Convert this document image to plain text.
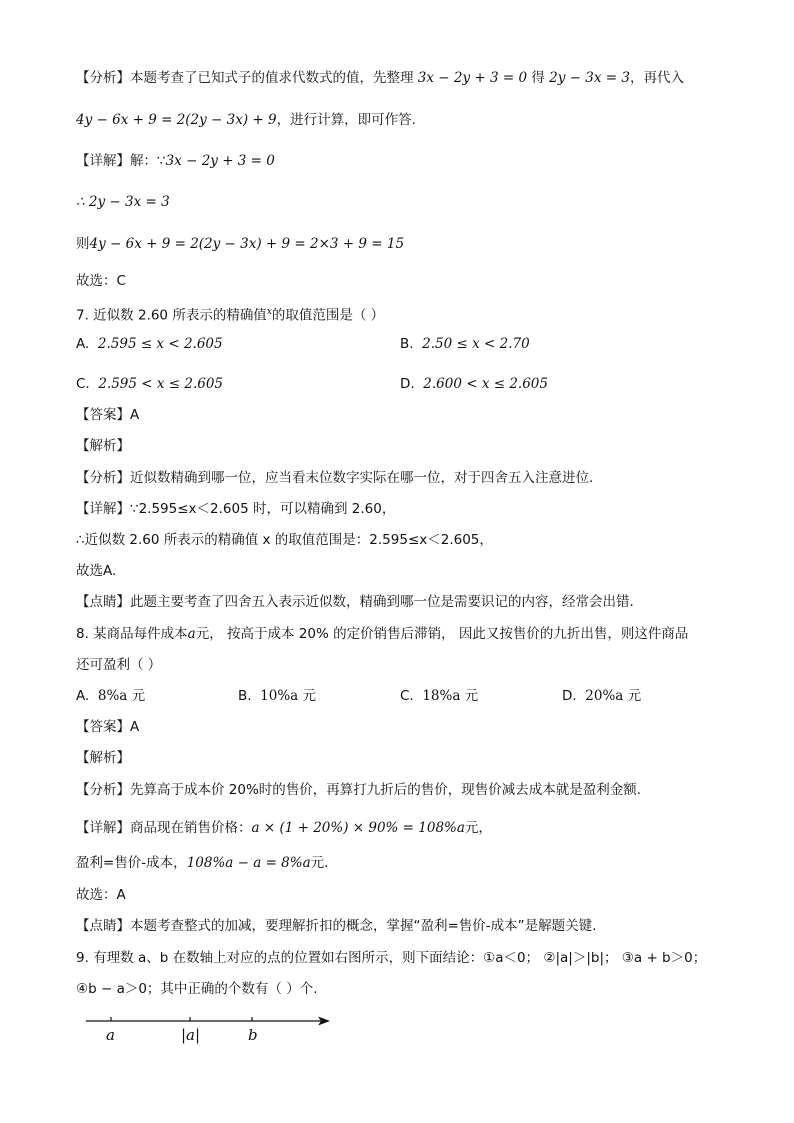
【分析】本题考查了已知式子的值求代数式的值，先整理 3x − 2y + 3 = 0 得 2y − 3x = 3，再代入
4y − 6x + 9 = 2(2y − 3x) + 9，进行计算，即可作答.
【详解】解：∵3x − 2y + 3 = 0
∴ 2y − 3x = 3
则4y − 6x + 9 = 2(2y − 3x) + 9 = 2×3 + 9 = 15
故选：C
7. 近似数 2.60 所表示的精确值$^x$的取值范围是（ ）
A. 2.595 ≤ x < 2.605	B. 2.50 ≤ x < 2.70
C. 2.595 < x ≤ 2.605	D. 2.600 < x ≤ 2.605
【答案】A
【解析】
【分析】近似数精确到哪一位，应当看末位数字实际在哪一位，对于四舍五入注意进位.
【详解】∵2.595≤x＜2.605 时，可以精确到 2.60，
∴近似数 2.60 所表示的精确值 x 的取值范围是：2.595≤x＜2.605，
故选A.
【点睛】此题主要考查了四舍五入表示近似数，精确到哪一位是需要识记的内容，经常会出错.
8. 某商品每件成本a元， 按高于成本 20% 的定价销售后滞销， 因此又按售价的九折出售，则这件商品
还可盈利（ ）
A. 8%a 元	B. 10%a 元	C. 18%a 元	D. 20%a 元
【答案】A
【解析】
【分析】先算高于成本价 20%时的售价，再算打九折后的售价，现售价减去成本就是盈利金额.
【详解】商品现在销售价格：a × (1 + 20%) × 90% = 108%a元，
盈利=售价-成本，108%a − a = 8%a元.
故选：A
【点睛】本题考查整式的加减，要理解折扣的概念，掌握“盈利=售价-成本”是解题关键.
9. 有理数 a、b 在数轴上对应的点的位置如右图所示，则下面结论：①a＜0； ②|a|＞|b|； ③a + b＞0；
④b − a＞0；其中正确的个数有（ ）个.
a	|a|	b
